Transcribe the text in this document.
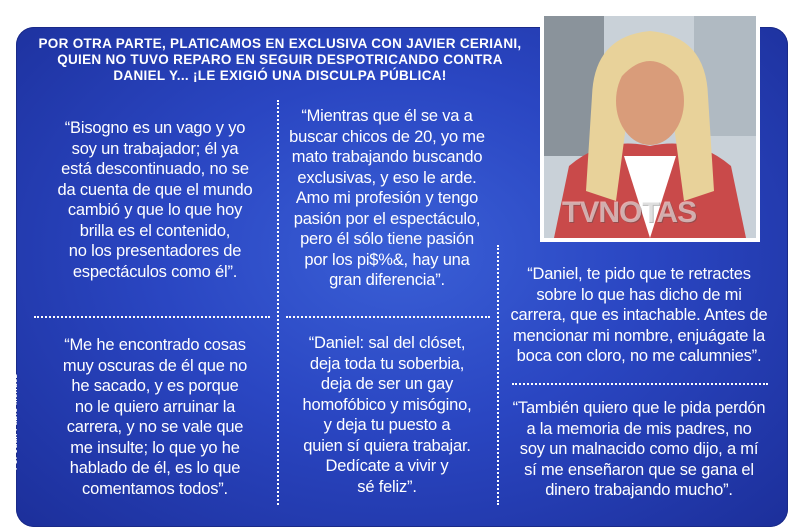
POR OTRA PARTE, PLATICAMOS EN EXCLUSIVA CON JAVIER CERIANI, QUIEN NO TUVO REPARO EN SEGUIR DESPOTRICANDO CONTRA DANIEL Y... ¡LE EXIGIÓ UNA DISCULPA PÚBLICA!
“Bisogno es un vago y yo
soy un trabajador; él ya
está descontinuado, no se
da cuenta de que el mundo
cambió y que lo que hoy
brilla es el contenido,
no los presentadores de
espectáculos como él”.
“Me he encontrado cosas
muy oscuras de él que no
he sacado, y es porque
no le quiero arruinar la
carrera, y no se vale que
me insulte; lo que yo he
hablado de él, es lo que
comentamos todos”.
“Mientras que él se va a
buscar chicos de 20, yo me
mato trabajando buscando
exclusivas, y eso le arde.
Amo mi profesión y tengo
pasión por el espectáculo,
pero él sólo tiene pasión
por los pi$%&, hay una
gran diferencia”.
“Daniel: sal del clóset,
deja toda tu soberbia,
deja de ser un gay
homofóbico y misógino,
y deja tu puesto a
quien sí quiera trabajar.
Dedícate a vivir y
sé feliz”.
“Daniel, te pido que te retractes
sobre lo que has dicho de mi
carrera, que es intachable. Antes de
mencionar mi nombre, enjuágate la
boca con cloro, no me calumnies”.
“También quiero que le pida perdón
a la memoria de mis padres, no
soy un malnacido como dijo, a mí
sí me enseñaron que se gana el
dinero trabajando mucho”.
TVNOTAS
Por Juan Pablo Méndez
